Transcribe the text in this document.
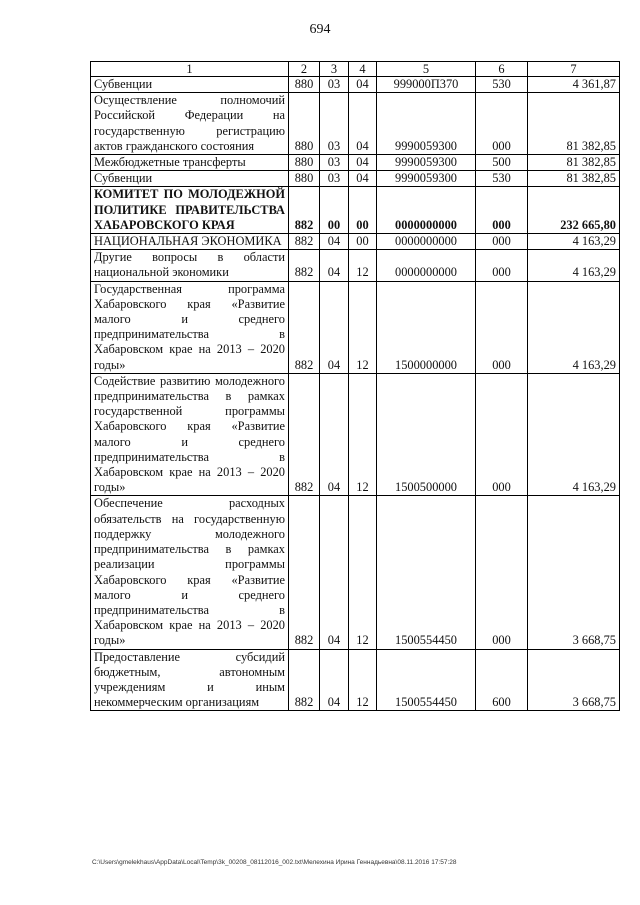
694
1	2	3	4	5	6	7
Субвенции	880	03	04	999000П370	530	4 361,87
Осуществление полномочий Российской Федерации на государственную регистрацию актов гражданского состояния	880	03	04	9990059300	000	81 382,85
Межбюджетные трансферты	880	03	04	9990059300	500	81 382,85
Субвенции	880	03	04	9990059300	530	81 382,85
КОМИТЕТ ПО МОЛОДЕЖНОЙ ПОЛИТИКЕ ПРАВИТЕЛЬСТВА ХАБАРОВСКОГО КРАЯ	882	00	00	0000000000	000	232 665,80
НАЦИОНАЛЬНАЯ ЭКОНОМИКА	882	04	00	0000000000	000	4 163,29
Другие вопросы в области национальной экономики	882	04	12	0000000000	000	4 163,29
Государственная программа Хабаровского края «Развитие малого и среднего предпринимательства в Хабаровском крае на 2013 – 2020 годы»	882	04	12	1500000000	000	4 163,29
Содействие развитию молодежного предпринимательства в рамках государственной программы Хабаровского края «Развитие малого и среднего предпринимательства в Хабаровском крае на 2013 – 2020 годы»	882	04	12	1500500000	000	4 163,29
Обеспечение расходных обязательств на государственную поддержку молодежного предпринимательства в рамках реализации программы Хабаровского края «Развитие малого и среднего предпринимательства в Хабаровском крае на 2013 – 2020 годы»	882	04	12	1500554450	000	3 668,75
Предоставление субсидий бюджетным, автономным учреждениям и иным некоммерческим организациям	882	04	12	1500554450	600	3 668,75
C:\Users\gmelekhaus\AppData\Local\Temp\3k_00208_08112016_002.txt\Мелехина Ирина Геннадьевна\08.11.2016 17:57:28
